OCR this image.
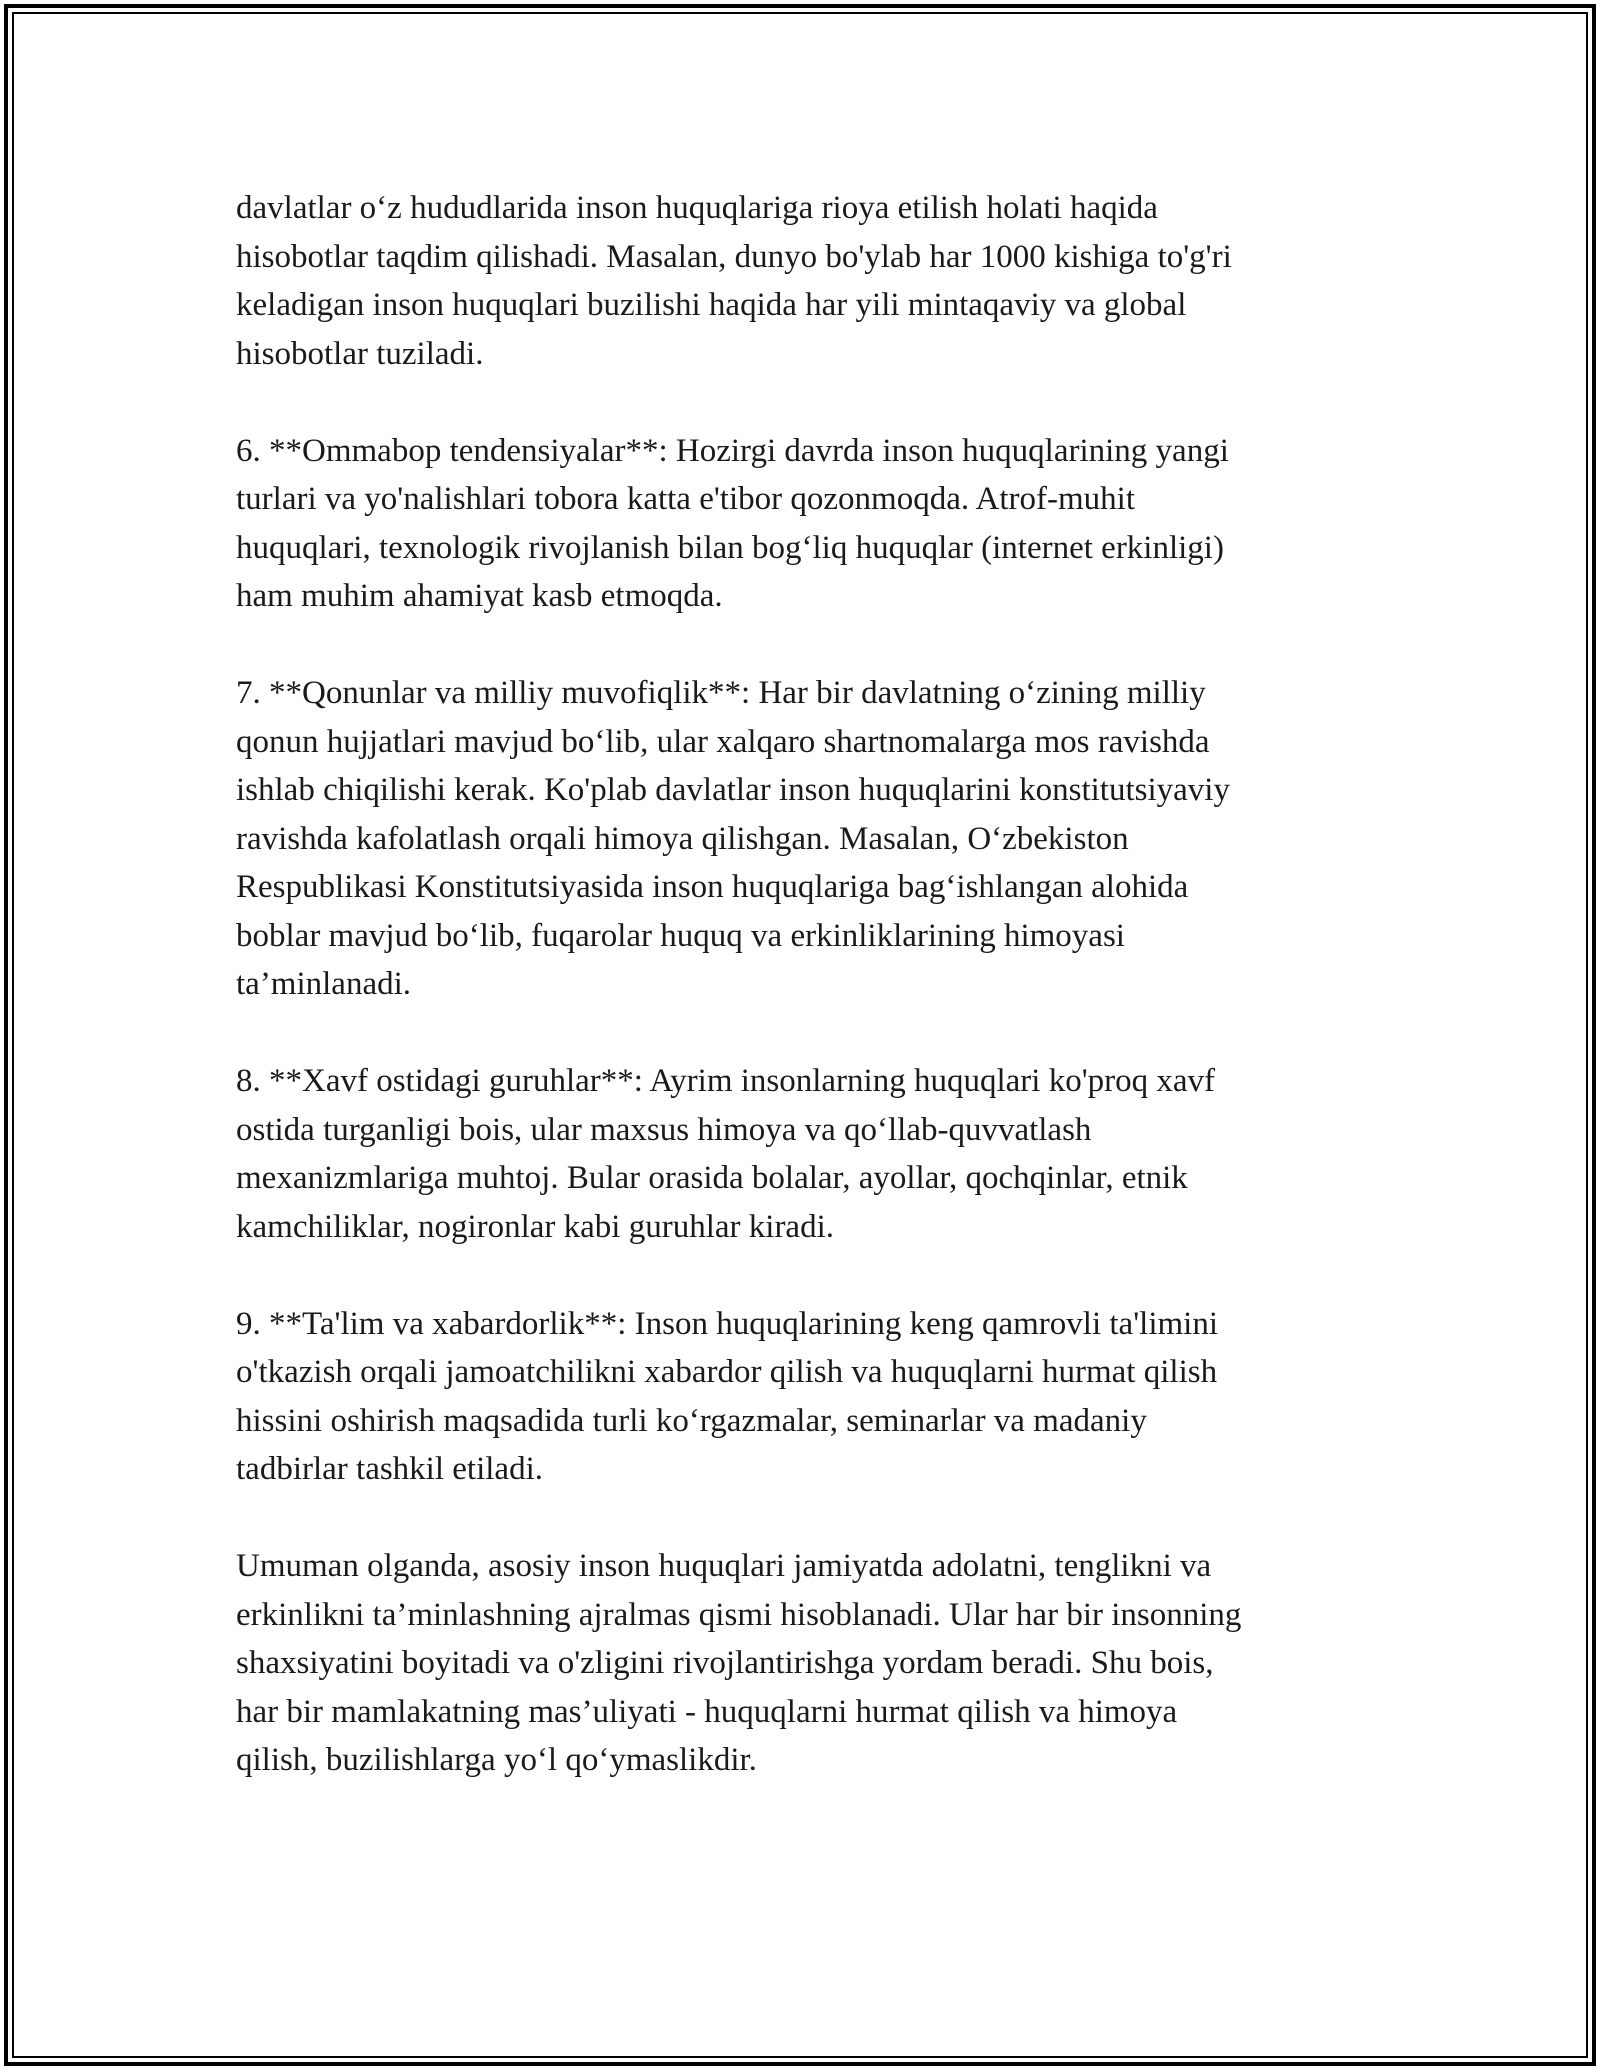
davlatlar oʻz hududlarida inson huquqlariga rioya etilish holati haqida
hisobotlar taqdim qilishadi. Masalan, dunyo bo'ylab har 1000 kishiga to'g'ri
keladigan inson huquqlari buzilishi haqida har yili mintaqaviy va global
hisobotlar tuziladi.

6. **Ommabop tendensiyalar**: Hozirgi davrda inson huquqlarining yangi
turlari va yo'nalishlari tobora katta e'tibor qozonmoqda. Atrof-muhit
huquqlari, texnologik rivojlanish bilan bogʻliq huquqlar (internet erkinligi)
ham muhim ahamiyat kasb etmoqda.

7. **Qonunlar va milliy muvofiqlik**: Har bir davlatning oʻzining milliy
qonun hujjatlari mavjud boʻlib, ular xalqaro shartnomalarga mos ravishda
ishlab chiqilishi kerak. Ko'plab davlatlar inson huquqlarini konstitutsiyaviy
ravishda kafolatlash orqali himoya qilishgan. Masalan, Oʻzbekiston
Respublikasi Konstitutsiyasida inson huquqlariga bagʻishlangan alohida
boblar mavjud boʻlib, fuqarolar huquq va erkinliklarining himoyasi
ta’minlanadi.

8. **Xavf ostidagi guruhlar**: Ayrim insonlarning huquqlari ko'proq xavf
ostida turganligi bois, ular maxsus himoya va qoʻllab-quvvatlash
mexanizmlariga muhtoj. Bular orasida bolalar, ayollar, qochqinlar, etnik
kamchiliklar, nogironlar kabi guruhlar kiradi.

9. **Ta'lim va xabardorlik**: Inson huquqlarining keng qamrovli ta'limini
o'tkazish orqali jamoatchilikni xabardor qilish va huquqlarni hurmat qilish
hissini oshirish maqsadida turli koʻrgazmalar, seminarlar va madaniy
tadbirlar tashkil etiladi.

Umuman olganda, asosiy inson huquqlari jamiyatda adolatni, tenglikni va
erkinlikni ta’minlashning ajralmas qismi hisoblanadi. Ular har bir insonning
shaxsiyatini boyitadi va o'zligini rivojlantirishga yordam beradi. Shu bois,
har bir mamlakatning mas’uliyati - huquqlarni hurmat qilish va himoya
qilish, buzilishlarga yoʻl qoʻymaslikdir.
